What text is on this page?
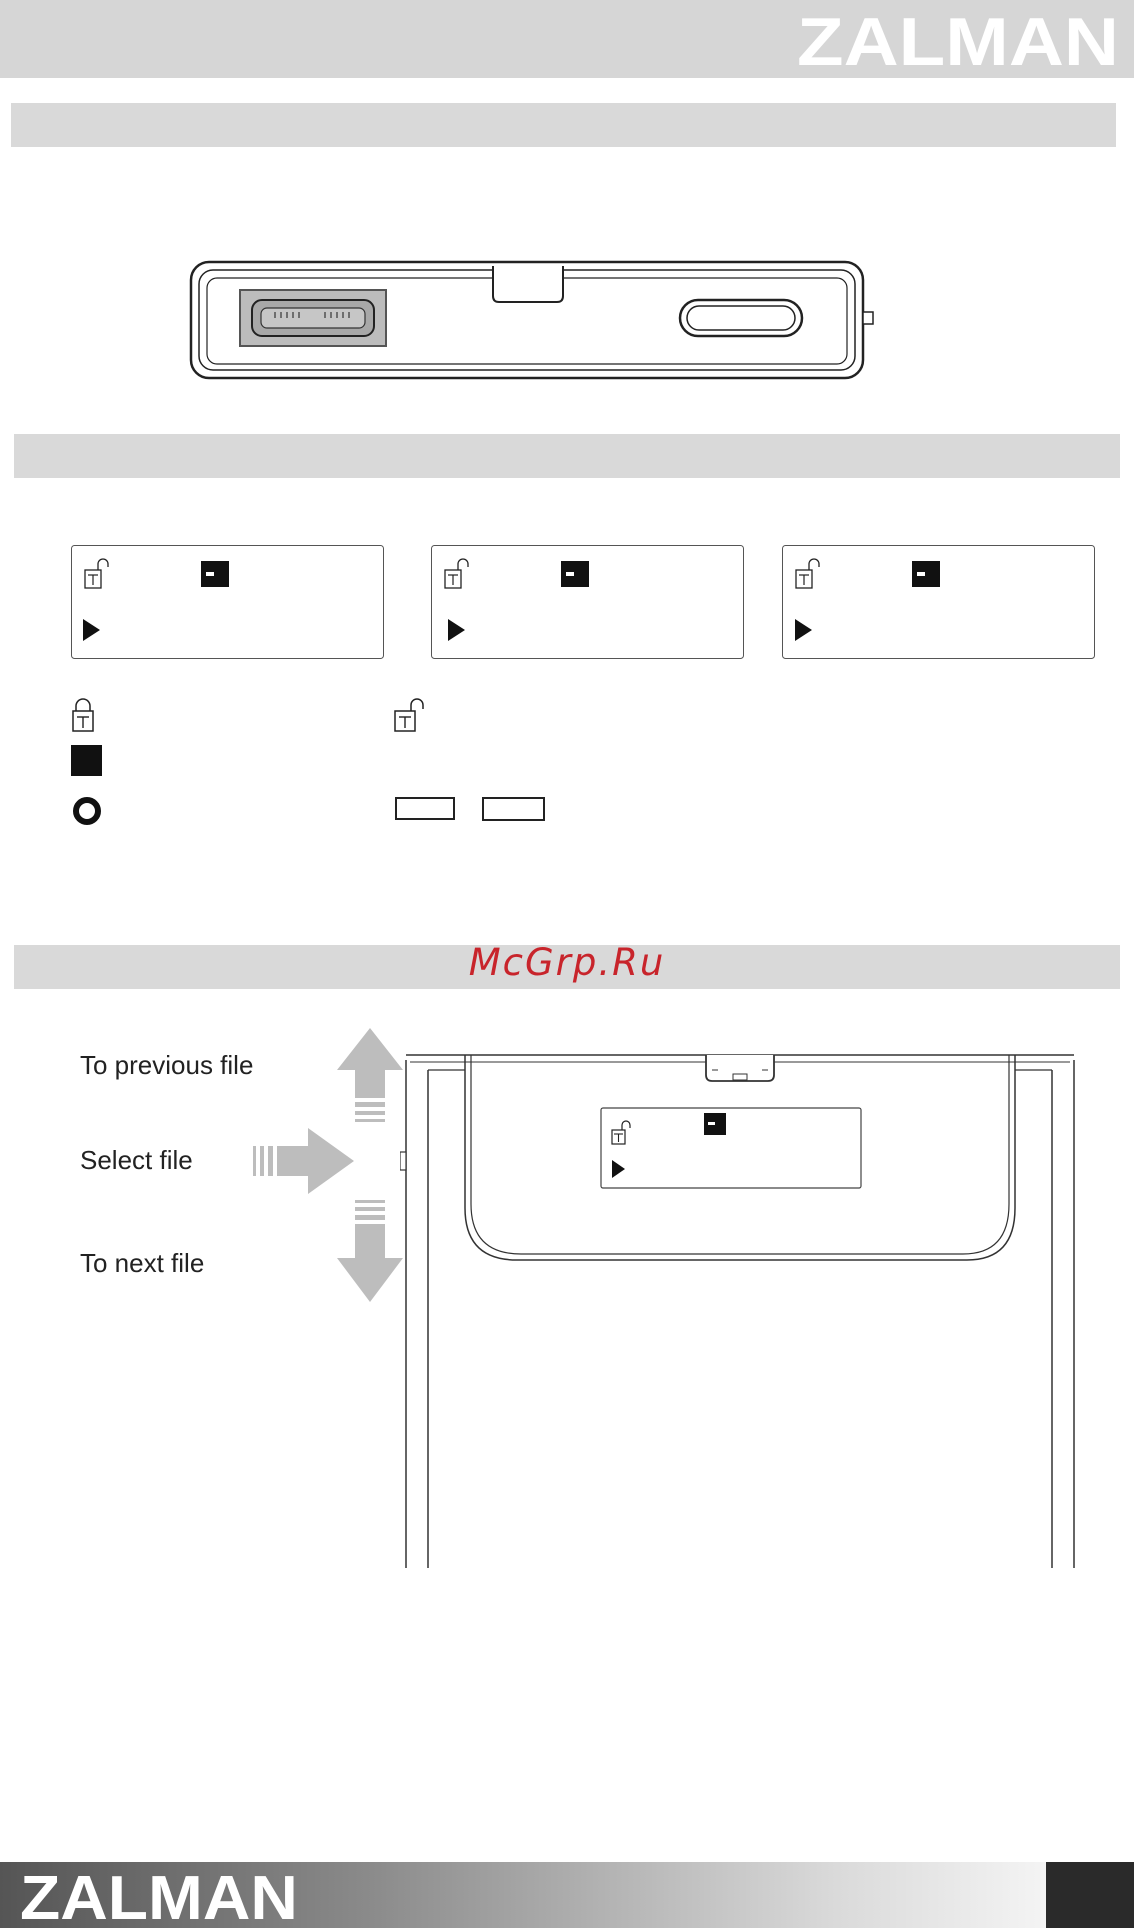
ZALMAN
McGrp.Ru
To previous file
Select file
To next file
ZALMAN
